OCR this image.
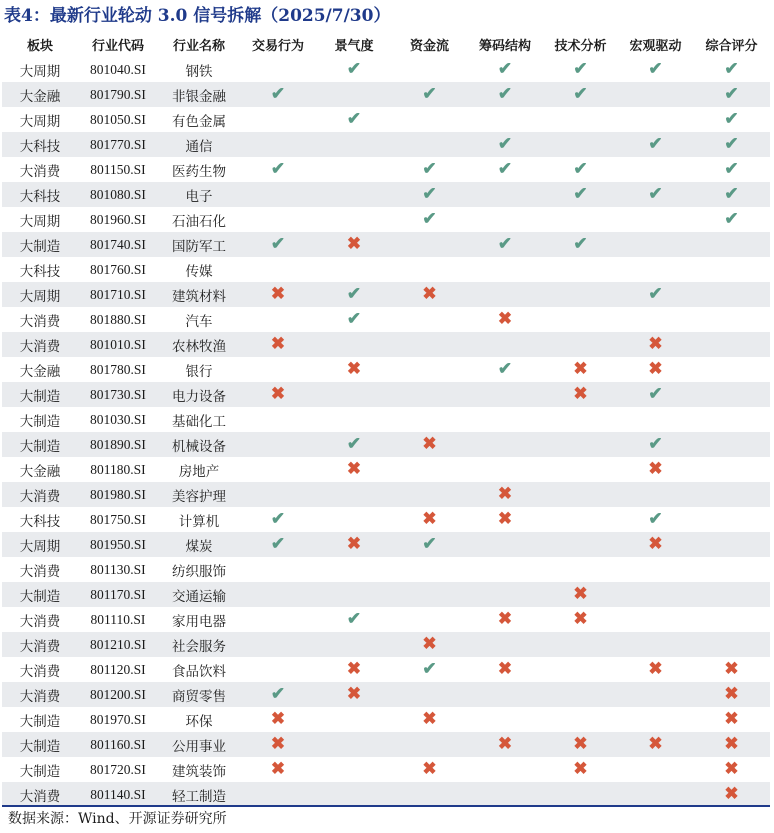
表4：最新行业轮动 3.0 信号拆解（2025/7/30）
板块	行业代码	行业名称	交易行为	景气度	资金流	筹码结构	技术分析	宏观驱动	综合评分
大周期	801040.SI	钢铁		✔		✔	✔	✔	✔
大金融	801790.SI	非银金融	✔		✔	✔	✔		✔
大周期	801050.SI	有色金属		✔					✔
大科技	801770.SI	通信				✔		✔	✔
大消费	801150.SI	医药生物	✔		✔	✔	✔		✔
大科技	801080.SI	电子			✔		✔	✔	✔
大周期	801960.SI	石油石化			✔				✔
大制造	801740.SI	国防军工	✔	✖		✔	✔		
大科技	801760.SI	传媒							
大周期	801710.SI	建筑材料	✖	✔	✖			✔	
大消费	801880.SI	汽车		✔		✖			
大消费	801010.SI	农林牧渔	✖					✖	
大金融	801780.SI	银行		✖		✔	✖	✖	
大制造	801730.SI	电力设备	✖				✖	✔	
大制造	801030.SI	基础化工							
大制造	801890.SI	机械设备		✔	✖			✔	
大金融	801180.SI	房地产		✖				✖	
大消费	801980.SI	美容护理				✖			
大科技	801750.SI	计算机	✔		✖	✖		✔	
大周期	801950.SI	煤炭	✔	✖	✔			✖	
大消费	801130.SI	纺织服饰							
大制造	801170.SI	交通运输					✖		
大消费	801110.SI	家用电器		✔		✖	✖		
大消费	801210.SI	社会服务			✖				
大消费	801120.SI	食品饮料		✖	✔	✖		✖	✖
大消费	801200.SI	商贸零售	✔	✖					✖
大制造	801970.SI	环保	✖		✖				✖
大制造	801160.SI	公用事业	✖			✖	✖	✖	✖
大制造	801720.SI	建筑装饰	✖		✖		✖		✖
大消费	801140.SI	轻工制造							✖
数据来源：Wind、开源证券研究所
